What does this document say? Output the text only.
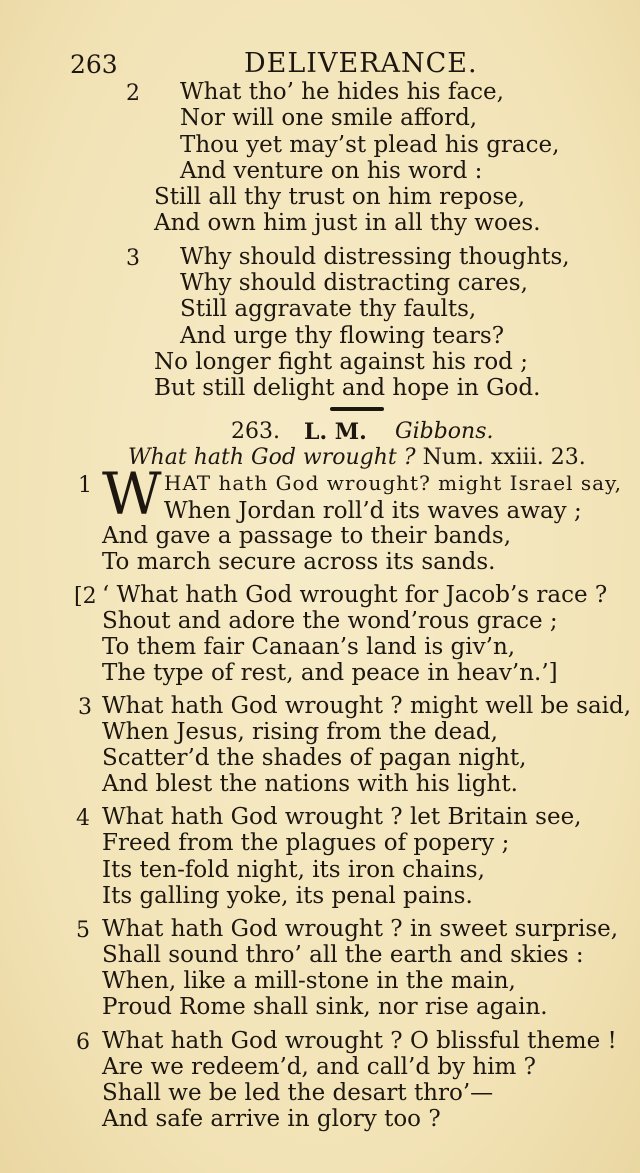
263	DELIVERANCE.
2 What tho’ he hides his face,
Nor will one smile afford,
Thou yet may’st plead his grace,
And venture on his word :
Still all thy trust on him repose,
And own him just in all thy woes.
3 Why should distressing thoughts,
Why should distracting cares,
Still aggravate thy faults,
And urge thy flowing tears?
No longer fight against his rod ;
But still delight and hope in God.
263. L. M. Gibbons.
What hath God wrought ? Num. xxiii. 23.
1 W HAT hath God wrought? might Israel say,
When Jordan roll’d its waves away ;
And gave a passage to their bands,
To march secure across its sands.
[2 ‘ What hath God wrought for Jacob’s race ?
Shout and adore the wond’rous grace ;
To them fair Canaan’s land is giv’n,
The type of rest, and peace in heav’n.’]
3 What hath God wrought ? might well be said,
When Jesus, rising from the dead,
Scatter’d the shades of pagan night,
And blest the nations with his light.
4 What hath God wrought ? let Britain see,
Freed from the plagues of popery ;
Its ten-fold night, its iron chains,
Its galling yoke, its penal pains.
5 What hath God wrought ? in sweet surprise,
Shall sound thro’ all the earth and skies :
When, like a mill-stone in the main,
Proud Rome shall sink, nor rise again.
6 What hath God wrought ? O blissful theme !
Are we redeem’d, and call’d by him ?
Shall we be led the desart thro’—
And safe arrive in glory too ?
